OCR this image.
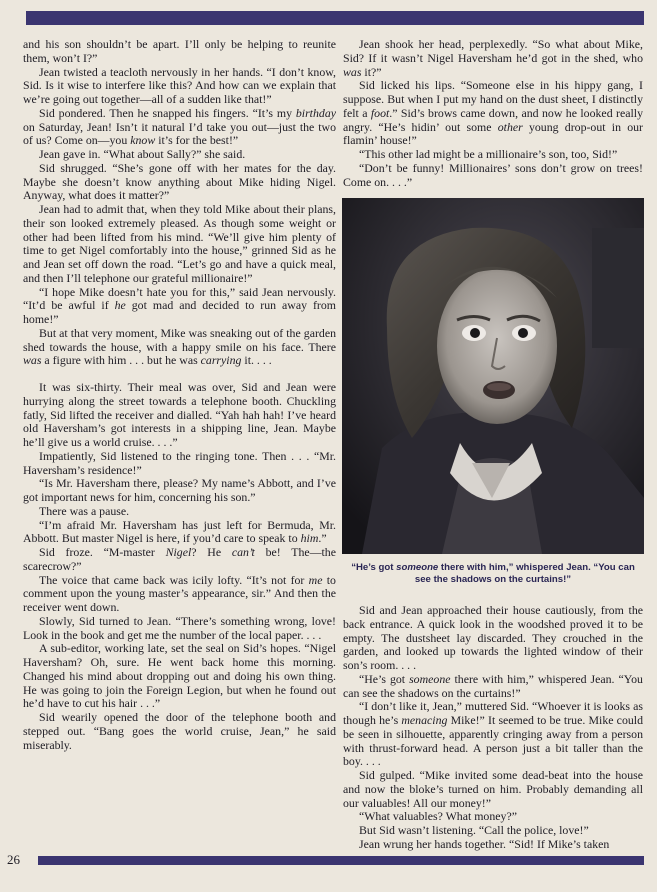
and his son shouldn’t be apart. I’ll only be helping to reunite them, won’t I?”

Jean twisted a teacloth nervously in her hands. “I don’t know, Sid. Is it wise to interfere like this? And how can we explain that we’re going out together—all of a sudden like that!”

Sid pondered. Then he snapped his fingers. “It’s my birthday on Saturday, Jean! Isn’t it natural I’d take you out—just the two of us? Come on—you know it’s for the best!”

Jean gave in. “What about Sally?” she said.

Sid shrugged. “She’s gone off with her mates for the day. Maybe she doesn’t know anything about Mike hiding Nigel. Anyway, what does it matter?”

Jean had to admit that, when they told Mike about their plans, their son looked extremely pleased. As though some weight or other had been lifted from his mind. “We’ll give him plenty of time to get Nigel comfortably into the house,” grinned Sid as he and Jean set off down the road. “Let’s go and have a quick meal, and then I’ll telephone our grateful millionaire!”

“I hope Mike doesn’t hate you for this,” said Jean nervously. “It’d be awful if he got mad and decided to run away from home!”

But at that very moment, Mike was sneaking out of the garden shed towards the house, with a happy smile on his face. There was a figure with him . . . but he was carrying it. . . .

It was six-thirty. Their meal was over, Sid and Jean were hurrying along the street towards a telephone booth. Chuckling fatly, Sid lifted the receiver and dialled. “Yah hah hah! I’ve heard old Haversham’s got interests in a shipping line, Jean. Maybe he’ll give us a world cruise. . . .”

Impatiently, Sid listened to the ringing tone. Then . . . “Mr. Haversham’s residence!”

“Is Mr. Haversham there, please? My name’s Abbott, and I’ve got important news for him, concerning his son.”

There was a pause.

“I’m afraid Mr. Haversham has just left for Bermuda, Mr. Abbott. But master Nigel is here, if you’d care to speak to him.”

Sid froze. “M-master Nigel? He can’t be! The—the scarecrow?”

The voice that came back was icily lofty. “It’s not for me to comment upon the young master’s appearance, sir.” And then the receiver went down.

Slowly, Sid turned to Jean. “There’s something wrong, love! Look in the book and get me the number of the local paper. . . .

A sub-editor, working late, set the seal on Sid’s hopes. “Nigel Haversham? Oh, sure. He went back home this morning. Changed his mind about dropping out and doing his own thing. He was going to join the Foreign Legion, but when he found out he’d have to cut his hair . . .”

Sid wearily opened the door of the telephone booth and stepped out. “Bang goes the world cruise, Jean,” he said miserably.

Jean shook her head, perplexedly. “So what about Mike, Sid? If it wasn’t Nigel Haversham he’d got in the shed, who was it?”

Sid licked his lips. “Someone else in his hippy gang, I suppose. But when I put my hand on the dust sheet, I distinctly felt a foot.” Sid’s brows came down, and now he looked really angry. “He’s hidin’ out some other young drop-out in our flamin’ house!”

“This other lad might be a millionaire’s son, too, Sid!”

“Don’t be funny! Millionaires’ sons don’t grow on trees! Come on. . . .”

“He’s got someone there with him,” whispered Jean. “You can see the shadows on the curtains!”

Sid and Jean approached their house cautiously, from the back entrance. A quick look in the woodshed proved it to be empty. The dustsheet lay discarded. They crouched in the garden, and looked up towards the lighted window of their son’s room. . . .

“He’s got someone there with him,” whispered Jean. “You can see the shadows on the curtains!”

“I don’t like it, Jean,” muttered Sid. “Whoever it is looks as though he’s menacing Mike!” It seemed to be true. Mike could be seen in silhouette, apparently cringing away from a person with thrust-forward head. A person just a bit taller than the boy. . . .

Sid gulped. “Mike invited some dead-beat into the house and now the bloke’s turned on him. Probably demanding all our valuables! All our money!”

“What valuables? What money?”

But Sid wasn’t listening. “Call the police, love!”

Jean wrung her hands together. “Sid! If Mike’s taken

26
